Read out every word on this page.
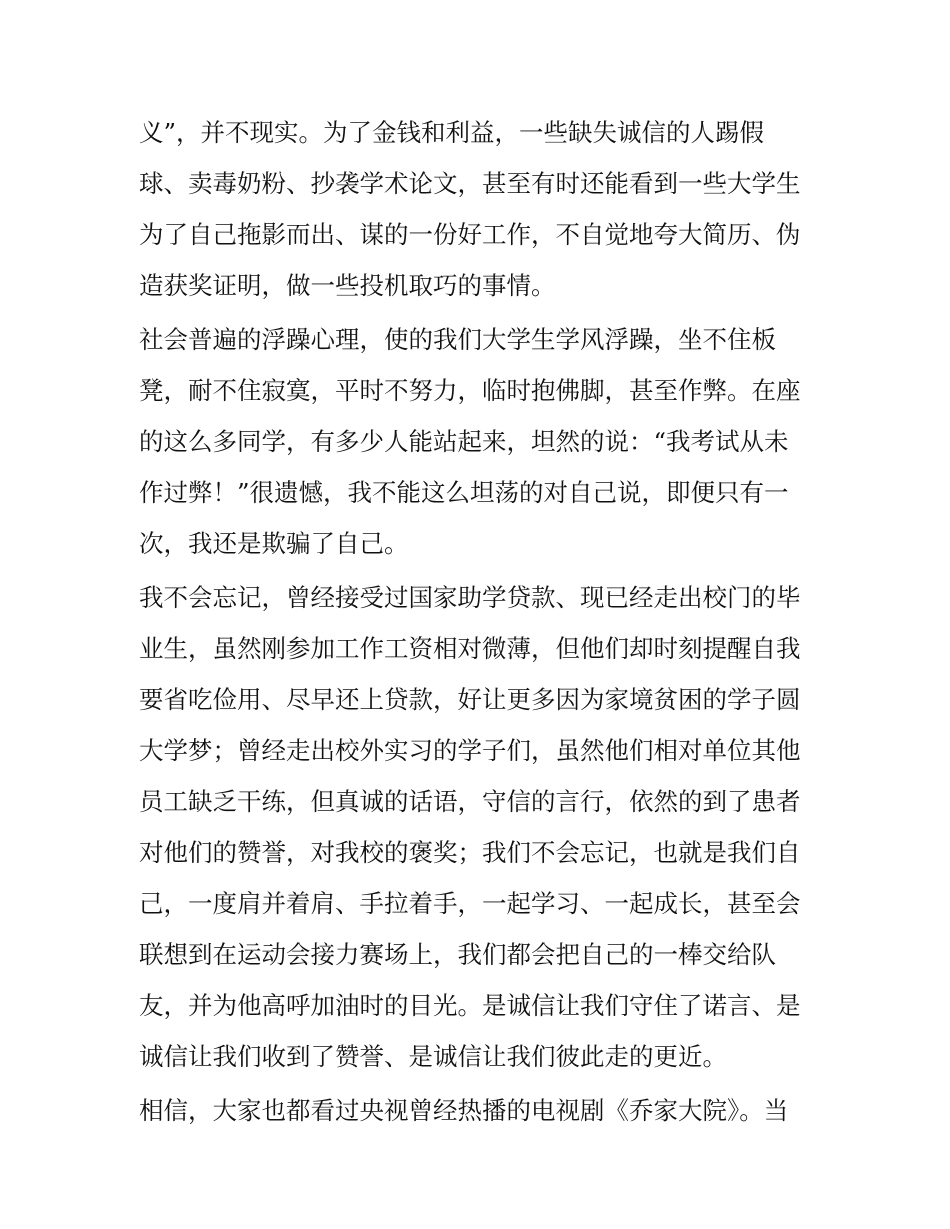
义”，并不现实。为了金钱和利益，一些缺失诚信的人踢假
球、卖毒奶粉、抄袭学术论文，甚至有时还能看到一些大学生
为了自己拖影而出、谋的一份好工作，不自觉地夸大简历、伪
造获奖证明，做一些投机取巧的事情。
社会普遍的浮躁心理，使的我们大学生学风浮躁，坐不住板
凳，耐不住寂寞，平时不努力，临时抱佛脚，甚至作弊。在座
的这么多同学，有多少人能站起来，坦然的说：“我考试从未
作过弊！”很遗憾，我不能这么坦荡的对自己说，即便只有一
次，我还是欺骗了自己。
我不会忘记，曾经接受过国家助学贷款、现已经走出校门的毕
业生，虽然刚参加工作工资相对微薄，但他们却时刻提醒自我
要省吃俭用、尽早还上贷款，好让更多因为家境贫困的学子圆
大学梦；曾经走出校外实习的学子们，虽然他们相对单位其他
员工缺乏干练，但真诚的话语，守信的言行，依然的到了患者
对他们的赞誉，对我校的褒奖；我们不会忘记，也就是我们自
己，一度肩并着肩、手拉着手，一起学习、一起成长，甚至会
联想到在运动会接力赛场上，我们都会把自己的一棒交给队
友，并为他高呼加油时的目光。是诚信让我们守住了诺言、是
诚信让我们收到了赞誉、是诚信让我们彼此走的更近。
相信，大家也都看过央视曾经热播的电视剧《乔家大院》。当
